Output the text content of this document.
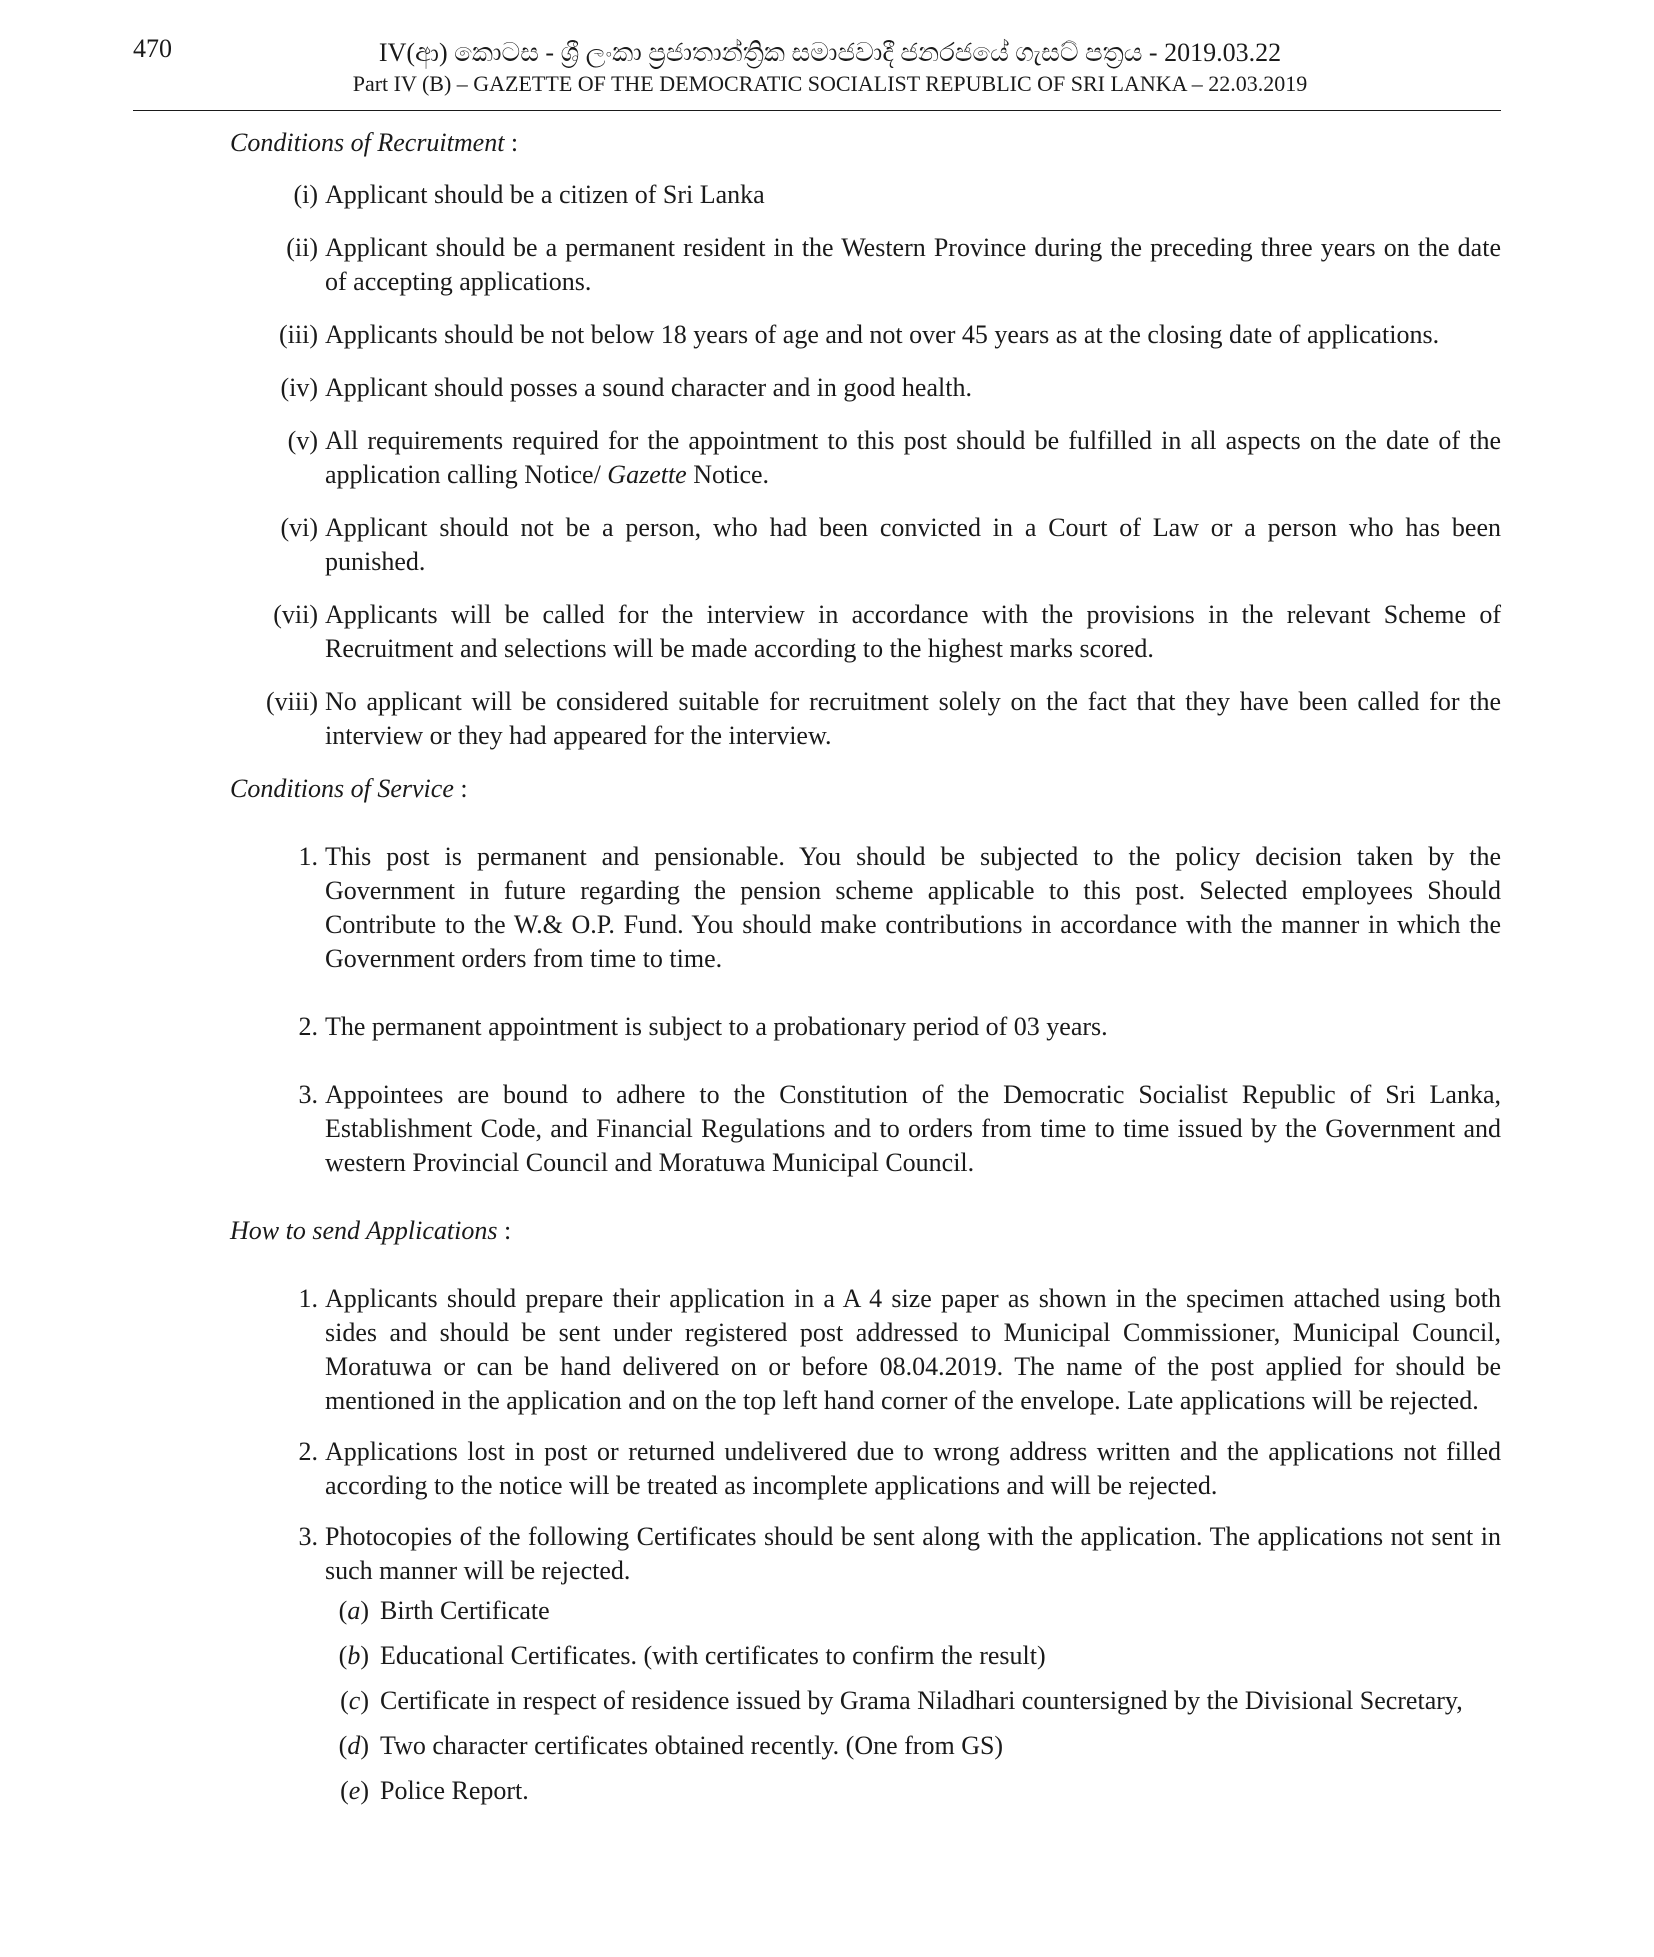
470	IV(ආ) කොටස - ශ්‍රී ලංකා ප්‍රජාතාන්ත්‍රික සමාජවාදී ජනරජයේ ගැසට් පත්‍රය - 2019.03.22
Part IV (B) – GAZETTE OF THE DEMOCRATIC SOCIALIST REPUBLIC OF SRI LANKA – 22.03.2019

Conditions of Recruitment :

(i) Applicant should be a citizen of Sri Lanka
(ii) Applicant should be a permanent resident in the Western Province during the preceding three years on the date of accepting applications.
(iii) Applicants should be not below 18 years of age and not over 45 years as at the closing date of applications.
(iv) Applicant should posses a sound character and in good health.
(v) All requirements required for the appointment to this post should be fulfilled in all aspects on the date of the application calling Notice/ Gazette Notice.
(vi) Applicant should not be a person, who had been convicted in a Court of Law or a person who has been punished.
(vii) Applicants will be called for the interview in accordance with the provisions in the relevant Scheme of Recruitment and selections will be made according to the highest marks scored.
(viii) No applicant will be considered suitable for recruitment solely on the fact that they have been called for the interview or they had appeared for the interview.

Conditions of Service :

1. This post is permanent and pensionable. You should be subjected to the policy decision taken by the Government in future regarding the pension scheme applicable to this post. Selected employees Should Contribute to the W.& O.P. Fund. You should make contributions in accordance with the manner in which the Government orders from time to time.
2. The permanent appointment is subject to a probationary period of 03 years.
3. Appointees are bound to adhere to the Constitution of the Democratic Socialist Republic of Sri Lanka, Establishment Code, and Financial Regulations and to orders from time to time issued by the Government and western Provincial Council and Moratuwa Municipal Council.

How to send Applications :

1. Applicants should prepare their application in a A 4 size paper as shown in the specimen attached using both sides and should be sent under registered post addressed to Municipal Commissioner, Municipal Council, Moratuwa or can be hand delivered on or before 08.04.2019. The name of the post applied for should be mentioned in the application and on the top left hand corner of the envelope. Late applications will be rejected.
2. Applications lost in post or returned undelivered due to wrong address written and the applications not filled according to the notice will be treated as incomplete applications and will be rejected.
3. Photocopies of the following Certificates should be sent along with the application. The applications not sent in such manner will be rejected.
(a) Birth Certificate
(b) Educational Certificates. (with certificates to confirm the result)
(c) Certificate in respect of residence issued by Grama Niladhari countersigned by the Divisional Secretary,
(d) Two character certificates obtained recently. (One from GS)
(e) Police Report.
